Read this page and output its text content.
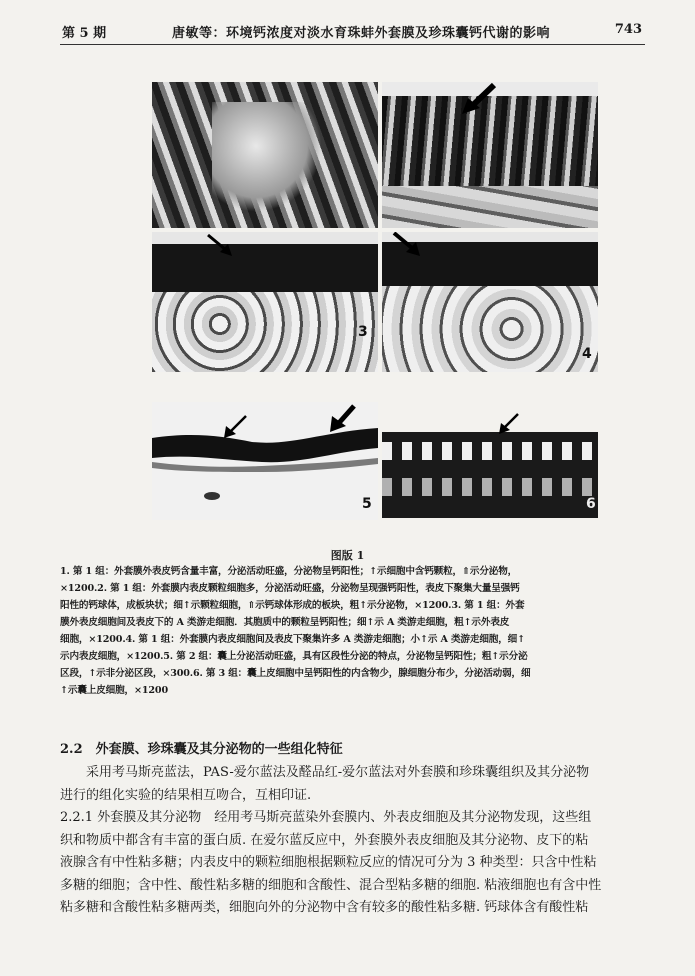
第 5 期	唐敏等：环境钙浓度对淡水育珠蚌外套膜及珍珠囊钙代谢的影响	743
3
4
5	6
图版 1
1. 第 1 组：外套膜外表皮钙含量丰富，分泌活动旺盛，分泌物呈钙阳性；↑示细胞中含钙颗粒，⇑示分泌物，
×1200.2. 第 1 组：外套膜内表皮颗粒细胞多，分泌活动旺盛，分泌物呈现强钙阳性，表皮下聚集大量呈强钙
阳性的钙球体，成板块状；细↑示颗粒细胞，⇑示钙球体形成的板块，粗↑示分泌物，×1200.3. 第 1 组：外套
膜外表皮细胞间及表皮下的 A 类游走细胞．其胞质中的颗粒呈钙阳性；细↑示 A 类游走细胞，粗↑示外表皮
细胞，×1200.4. 第 1 组：外套膜内表皮细胞间及表皮下聚集许多 A 类游走细胞；小↑示 A 类游走细胞，细↑
示内表皮细胞，×1200.5. 第 2 组：囊上分泌活动旺盛，具有区段性分泌的特点，分泌物呈钙阳性；粗↑示分泌
区段，↑示非分泌区段，×300.6. 第 3 组：囊上皮细胞中呈钙阳性的内含物少，腺细胞分布少，分泌活动弱，细
↑示囊上皮细胞，×1200
2.2　外套膜、珍珠囊及其分泌物的一些组化特征
　　采用考马斯亮蓝法，PAS-爱尔蓝法及醛品红-爱尔蓝法对外套膜和珍珠囊组织及其分泌物
进行的组化实验的结果相互吻合，互相印证.
2.2.1 外套膜及其分泌物　经用考马斯亮蓝染外套膜内、外表皮细胞及其分泌物发现，这些组
织和物质中都含有丰富的蛋白质. 在爱尔蓝反应中，外套膜外表皮细胞及其分泌物、皮下的粘
液腺含有中性粘多糖；内表皮中的颗粒细胞根据颗粒反应的情况可分为 3 种类型：只含中性粘
多糖的细胞；含中性、酸性粘多糖的细胞和含酸性、混合型粘多糖的细胞. 粘液细胞也有含中性
粘多糖和含酸性粘多糖两类，细胞向外的分泌物中含有较多的酸性粘多糖. 钙球体含有酸性粘
